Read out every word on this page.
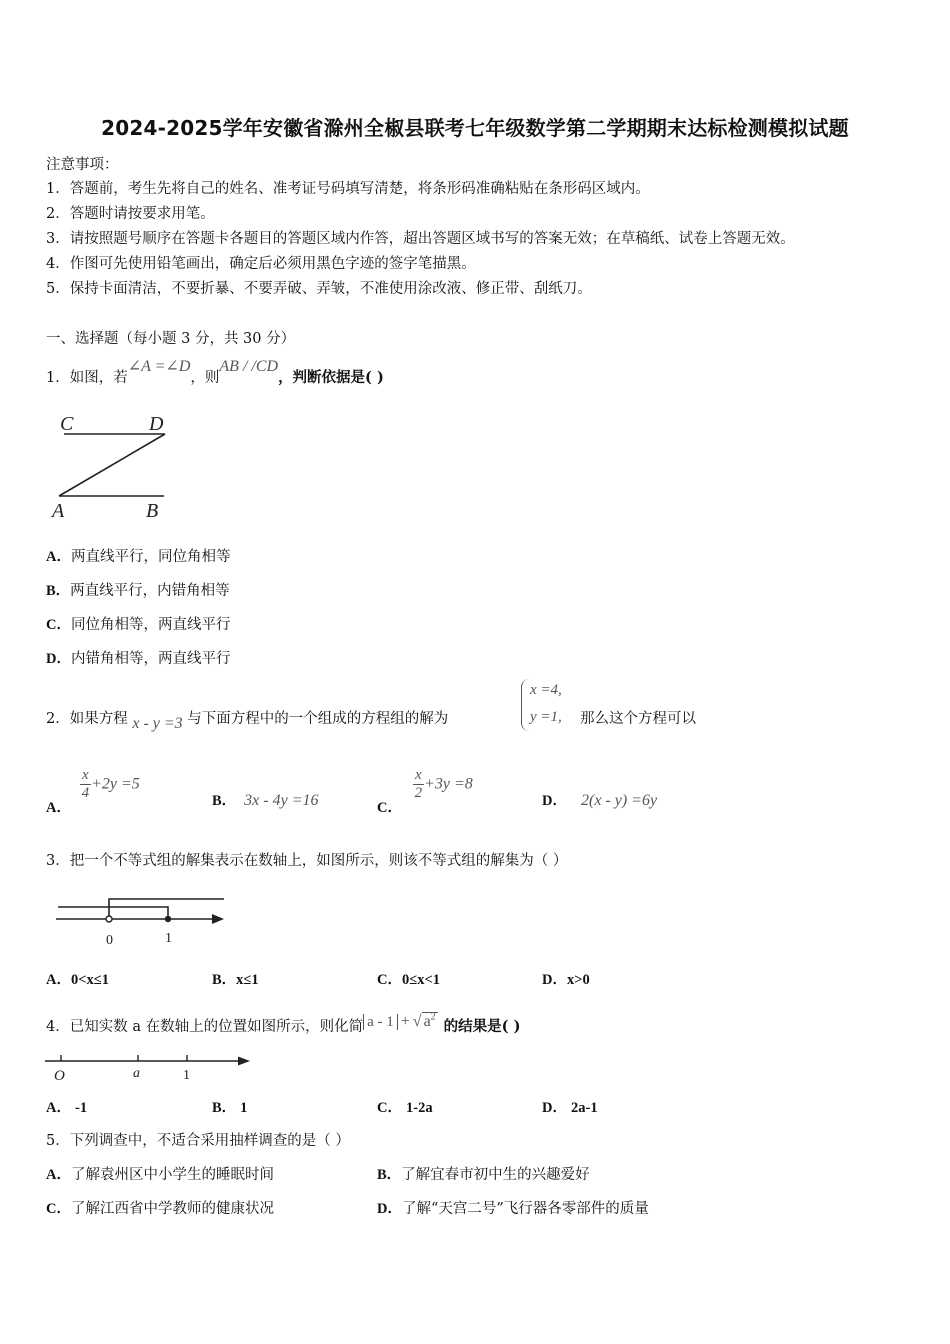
2024-2025学年安徽省滁州全椒县联考七年级数学第二学期期末达标检测模拟试题
注意事项：
1．答题前，考生先将自己的姓名、准考证号码填写清楚，将条形码准确粘贴在条形码区域内。
2．答题时请按要求用笔。
3．请按照题号顺序在答题卡各题目的答题区域内作答，超出答题区域书写的答案无效；在草稿纸、试卷上答题无效。
4．作图可先使用铅笔画出，确定后必须用黑色字迹的签字笔描黑。
5．保持卡面清洁，不要折暴、不要弄破、弄皱，不准使用涂改液、修正带、刮纸刀。
一、选择题（每小题 3 分，共 30 分）
1．如图，若∠A =∠D，则AB / /CD，判断依据是( )
C	D
A	B
A．两直线平行，同位角相等
B．两直线平行，内错角相等
C．同位角相等，两直线平行
D．内错角相等，两直线平行
2．如果方程 x - y =3 与下面方程中的一个组成的方程组的解为
x =4,
y =1, 那么这个方程可以
A．
$\frac{x}{4} +2y =5$
B． 3x - 4y =16	C．
$\frac{x}{2} +3y =8$
D． 2(x - y) =6y
3．把一个不等式组的解集表示在数轴上，如图所示，则该不等式组的解集为（ ）
0	1
A．0<x≤1	B．x≤1	C．0≤x<1	D．x>0
4．已知实数 a 在数轴上的位置如图所示，则化简 a - 1 + √ $a^2$的结果是( )
O	a	1
A． -1	B． 1	C． 1-2a	D． 2a-1
5．下列调查中，不适合采用抽样调查的是（ ）
A．了解袁州区中小学生的睡眠时间	B．了解宜春市初中生的兴趣爱好
C．了解江西省中学教师的健康状况	D．了解“天宫二号”飞行器各零部件的质量
